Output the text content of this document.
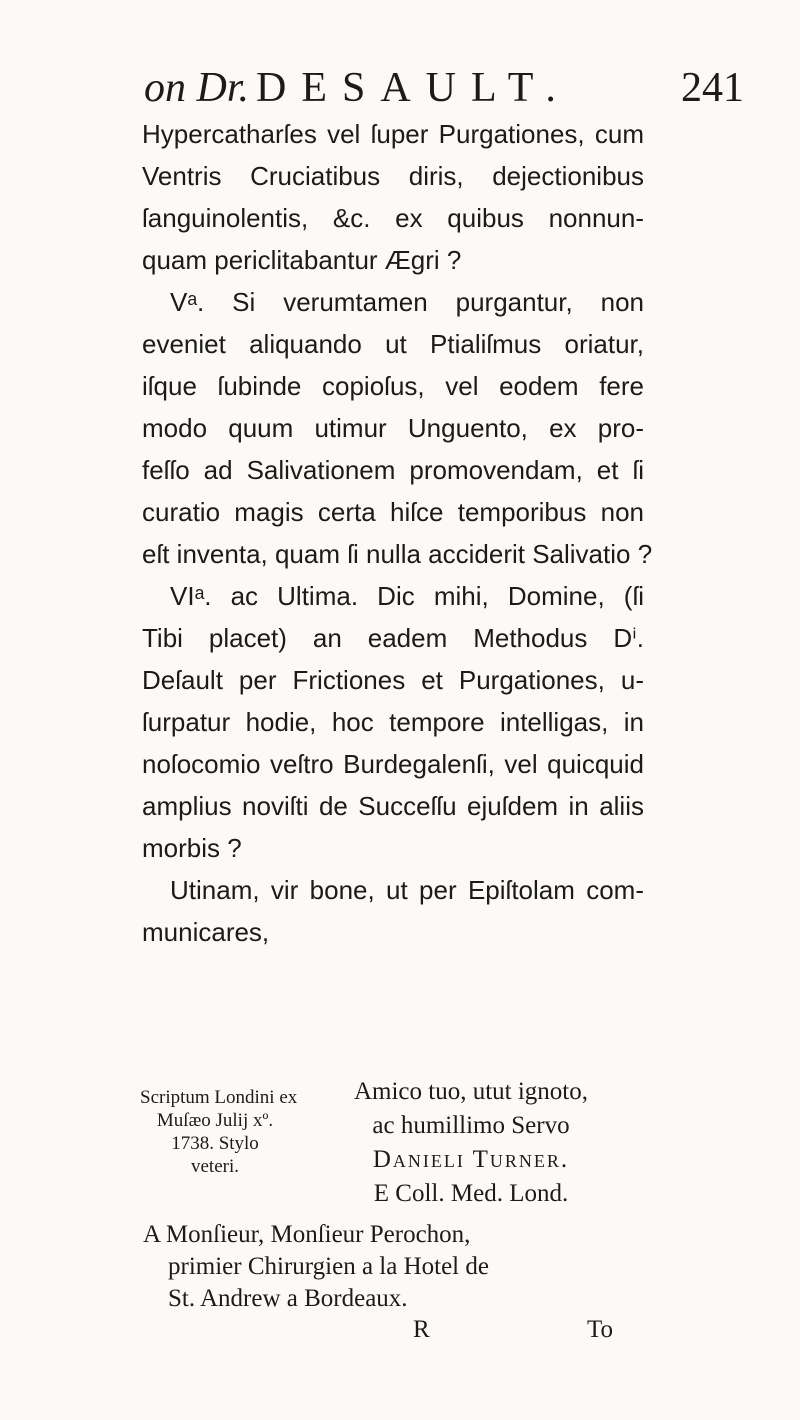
on Dr. DESAULT.	241
Hypercatharſes vel ſuper Purgationes, cum
Ventris Cruciatibus diris, dejectionibus
ſanguinolentis, &c. ex quibus nonnun-
quam periclitabantur Ægri ?
Vᵃ. Si verumtamen purgantur, non
eveniet aliquando ut Ptialiſmus oriatur,
iſque ſubinde copioſus, vel eodem fere
modo quum utimur Unguento, ex pro-
feſſo ad Salivationem promovendam, et ſi
curatio magis certa hiſce temporibus non
eſt inventa, quam ſi nulla acciderit Salivatio ?
VIᵃ. ac Ultima. Dic mihi, Domine, (ſi
Tibi placet) an eadem Methodus Dⁱ.
Deſault per Frictiones et Purgationes, u-
ſurpatur hodie, hoc tempore intelligas, in
noſocomio veſtro Burdegalenſi, vel quicquid
amplius noviſti de Succeſſu ejuſdem in aliis
morbis ?
Utinam, vir bone, ut per Epiſtolam com-
municares,
Scriptum Londini ex
Muſæo Julij xº.
1738. Stylo
veteri.
Amico tuo, utut ignoto,
ac humillimo Servo
Danieli Turner.
E Coll. Med. Lond.
A Monſieur, Monſieur Perochon,
primier Chirurgien a la Hotel de
St. Andrew a Bordeaux.
R	To
